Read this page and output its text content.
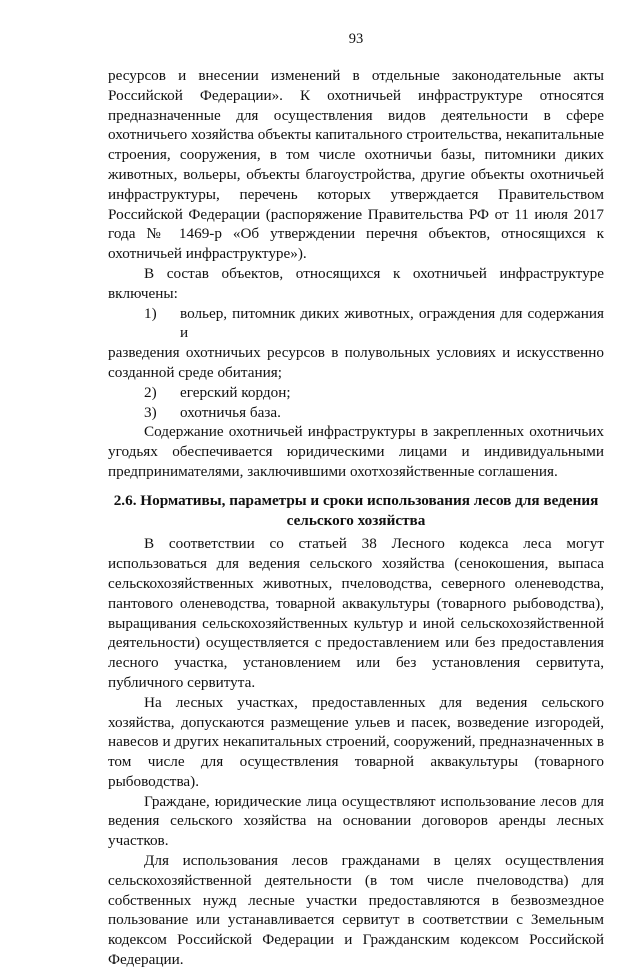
93

ресурсов и внесении изменений в отдельные законодательные акты Российской Федерации». К охотничьей инфраструктуре относятся предназначенные для осуществления видов деятельности в сфере охотничьего хозяйства объекты капитального строительства, некапитальные строения, сооружения, в том числе охотничьи базы, питомники диких животных, вольеры, объекты благоустройства, другие объекты охотничьей инфраструктуры, перечень которых утверждается Правительством Российской Федерации (распоряжение Правительства РФ от 11 июля 2017 года № 1469-р «Об утверждении перечня объектов, относящихся к охотничьей инфраструктуре»).

В состав объектов, относящихся к охотничьей инфраструктуре включены:

1)	вольер, питомник диких животных, ограждения для содержания и

разведения охотничьих ресурсов в полувольных условиях и искусственно созданной среде обитания;

2)	егерский кордон;
3)	охотничья база.

Содержание охотничьей инфраструктуры в закрепленных охотничьих угодьях обеспечивается юридическими лицами и индивидуальными предпринимателями, заключившими охотхозяйственные соглашения.

2.6. Нормативы, параметры и сроки использования лесов для ведения сельского хозяйства

В соответствии со статьей 38 Лесного кодекса леса могут использоваться для ведения сельского хозяйства (сенокошения, выпаса сельскохозяйственных животных, пчеловодства, северного оленеводства, пантового оленеводства, товарной аквакультуры (товарного рыбоводства), выращивания сельскохозяйственных культур и иной сельскохозяйственной деятельности) осуществляется с предоставлением или без предоставления лесного участка, установлением или без установления сервитута, публичного сервитута.

На лесных участках, предоставленных для ведения сельского хозяйства, допускаются размещение ульев и пасек, возведение изгородей, навесов и других некапитальных строений, сооружений, предназначенных в том числе для осуществления товарной аквакультуры (товарного рыбоводства).

Граждане, юридические лица осуществляют использование лесов для ведения сельского хозяйства на основании договоров аренды лесных участков.

Для использования лесов гражданами в целях осуществления сельскохозяйственной деятельности (в том числе пчеловодства) для собственных нужд лесные участки предоставляются в безвозмездное пользование или устанавливается сервитут в соответствии с Земельным кодексом Российской Федерации и Гражданским кодексом Российской Федерации.
